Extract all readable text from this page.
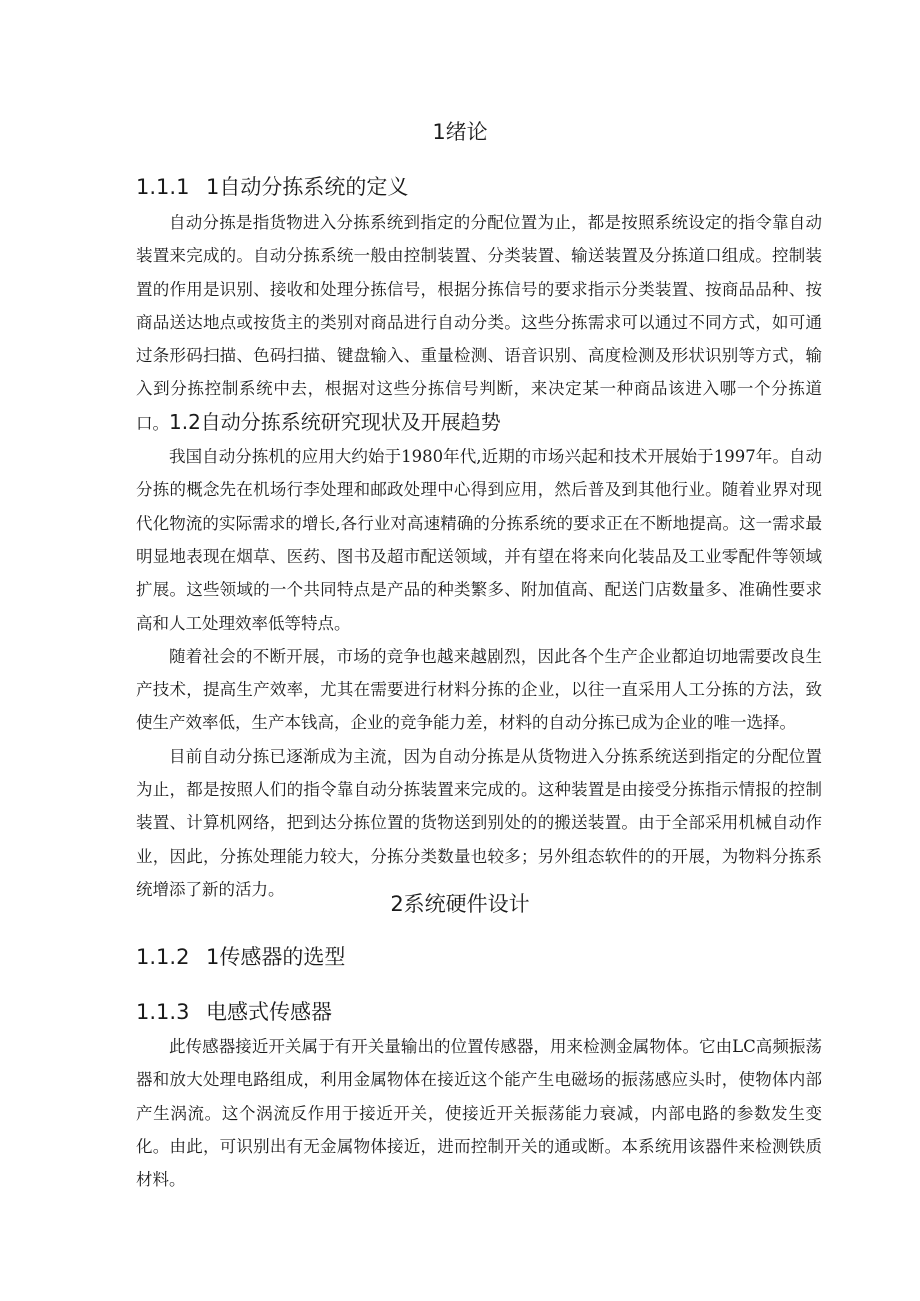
1绪论
1.1.1 1自动分拣系统的定义

自动分拣是指货物进入分拣系统到指定的分配位置为止，都是按照系统设定的指令靠自动装置来完成的。自动分拣系统一般由控制装置、分类装置、输送装置及分拣道口组成。控制装置的作用是识别、接收和处理分拣信号，根据分拣信号的要求指示分类装置、按商品品种、按商品送达地点或按货主的类别对商品进行自动分类。这些分拣需求可以通过不同方式，如可通过条形码扫描、色码扫描、键盘输入、重量检测、语音识别、高度检测及形状识别等方式，输入到分拣控制系统中去，根据对这些分拣信号判断，来决定某一种商品该进入哪一个分拣道口。1.2自动分拣系统研究现状及开展趋势

我国自动分拣机的应用大约始于1980年代,近期的市场兴起和技术开展始于1997年。自动分拣的概念先在机场行李处理和邮政处理中心得到应用，然后普及到其他行业。随着业界对现代化物流的实际需求的增长,各行业对高速精确的分拣系统的要求正在不断地提高。这一需求最明显地表现在烟草、医药、图书及超市配送领域，并有望在将来向化装品及工业零配件等领域扩展。这些领域的一个共同特点是产品的种类繁多、附加值高、配送门店数量多、准确性要求高和人工处理效率低等特点。

随着社会的不断开展，市场的竞争也越来越剧烈，因此各个生产企业都迫切地需要改良生产技术，提高生产效率，尤其在需要进行材料分拣的企业，以往一直采用人工分拣的方法，致使生产效率低，生产本钱高，企业的竞争能力差，材料的自动分拣已成为企业的唯一选择。

目前自动分拣已逐渐成为主流，因为自动分拣是从货物进入分拣系统送到指定的分配位置为止，都是按照人们的指令靠自动分拣装置来完成的。这种装置是由接受分拣指示情报的控制装置、计算机网络，把到达分拣位置的货物送到别处的的搬送装置。由于全部采用机械自动作业，因此，分拣处理能力较大，分拣分类数量也较多；另外组态软件的的开展，为物料分拣系统增添了新的活力。

2系统硬件设计
1.1.2 1传感器的选型
1.1.3 电感式传感器

此传感器接近开关属于有开关量输出的位置传感器，用来检测金属物体。它由LC高频振荡器和放大处理电路组成，利用金属物体在接近这个能产生电磁场的振荡感应头时，使物体内部产生涡流。这个涡流反作用于接近开关，使接近开关振荡能力衰减，内部电路的参数发生变化。由此，可识别出有无金属物体接近，进而控制开关的通或断。本系统用该器件来检测铁质材料。
